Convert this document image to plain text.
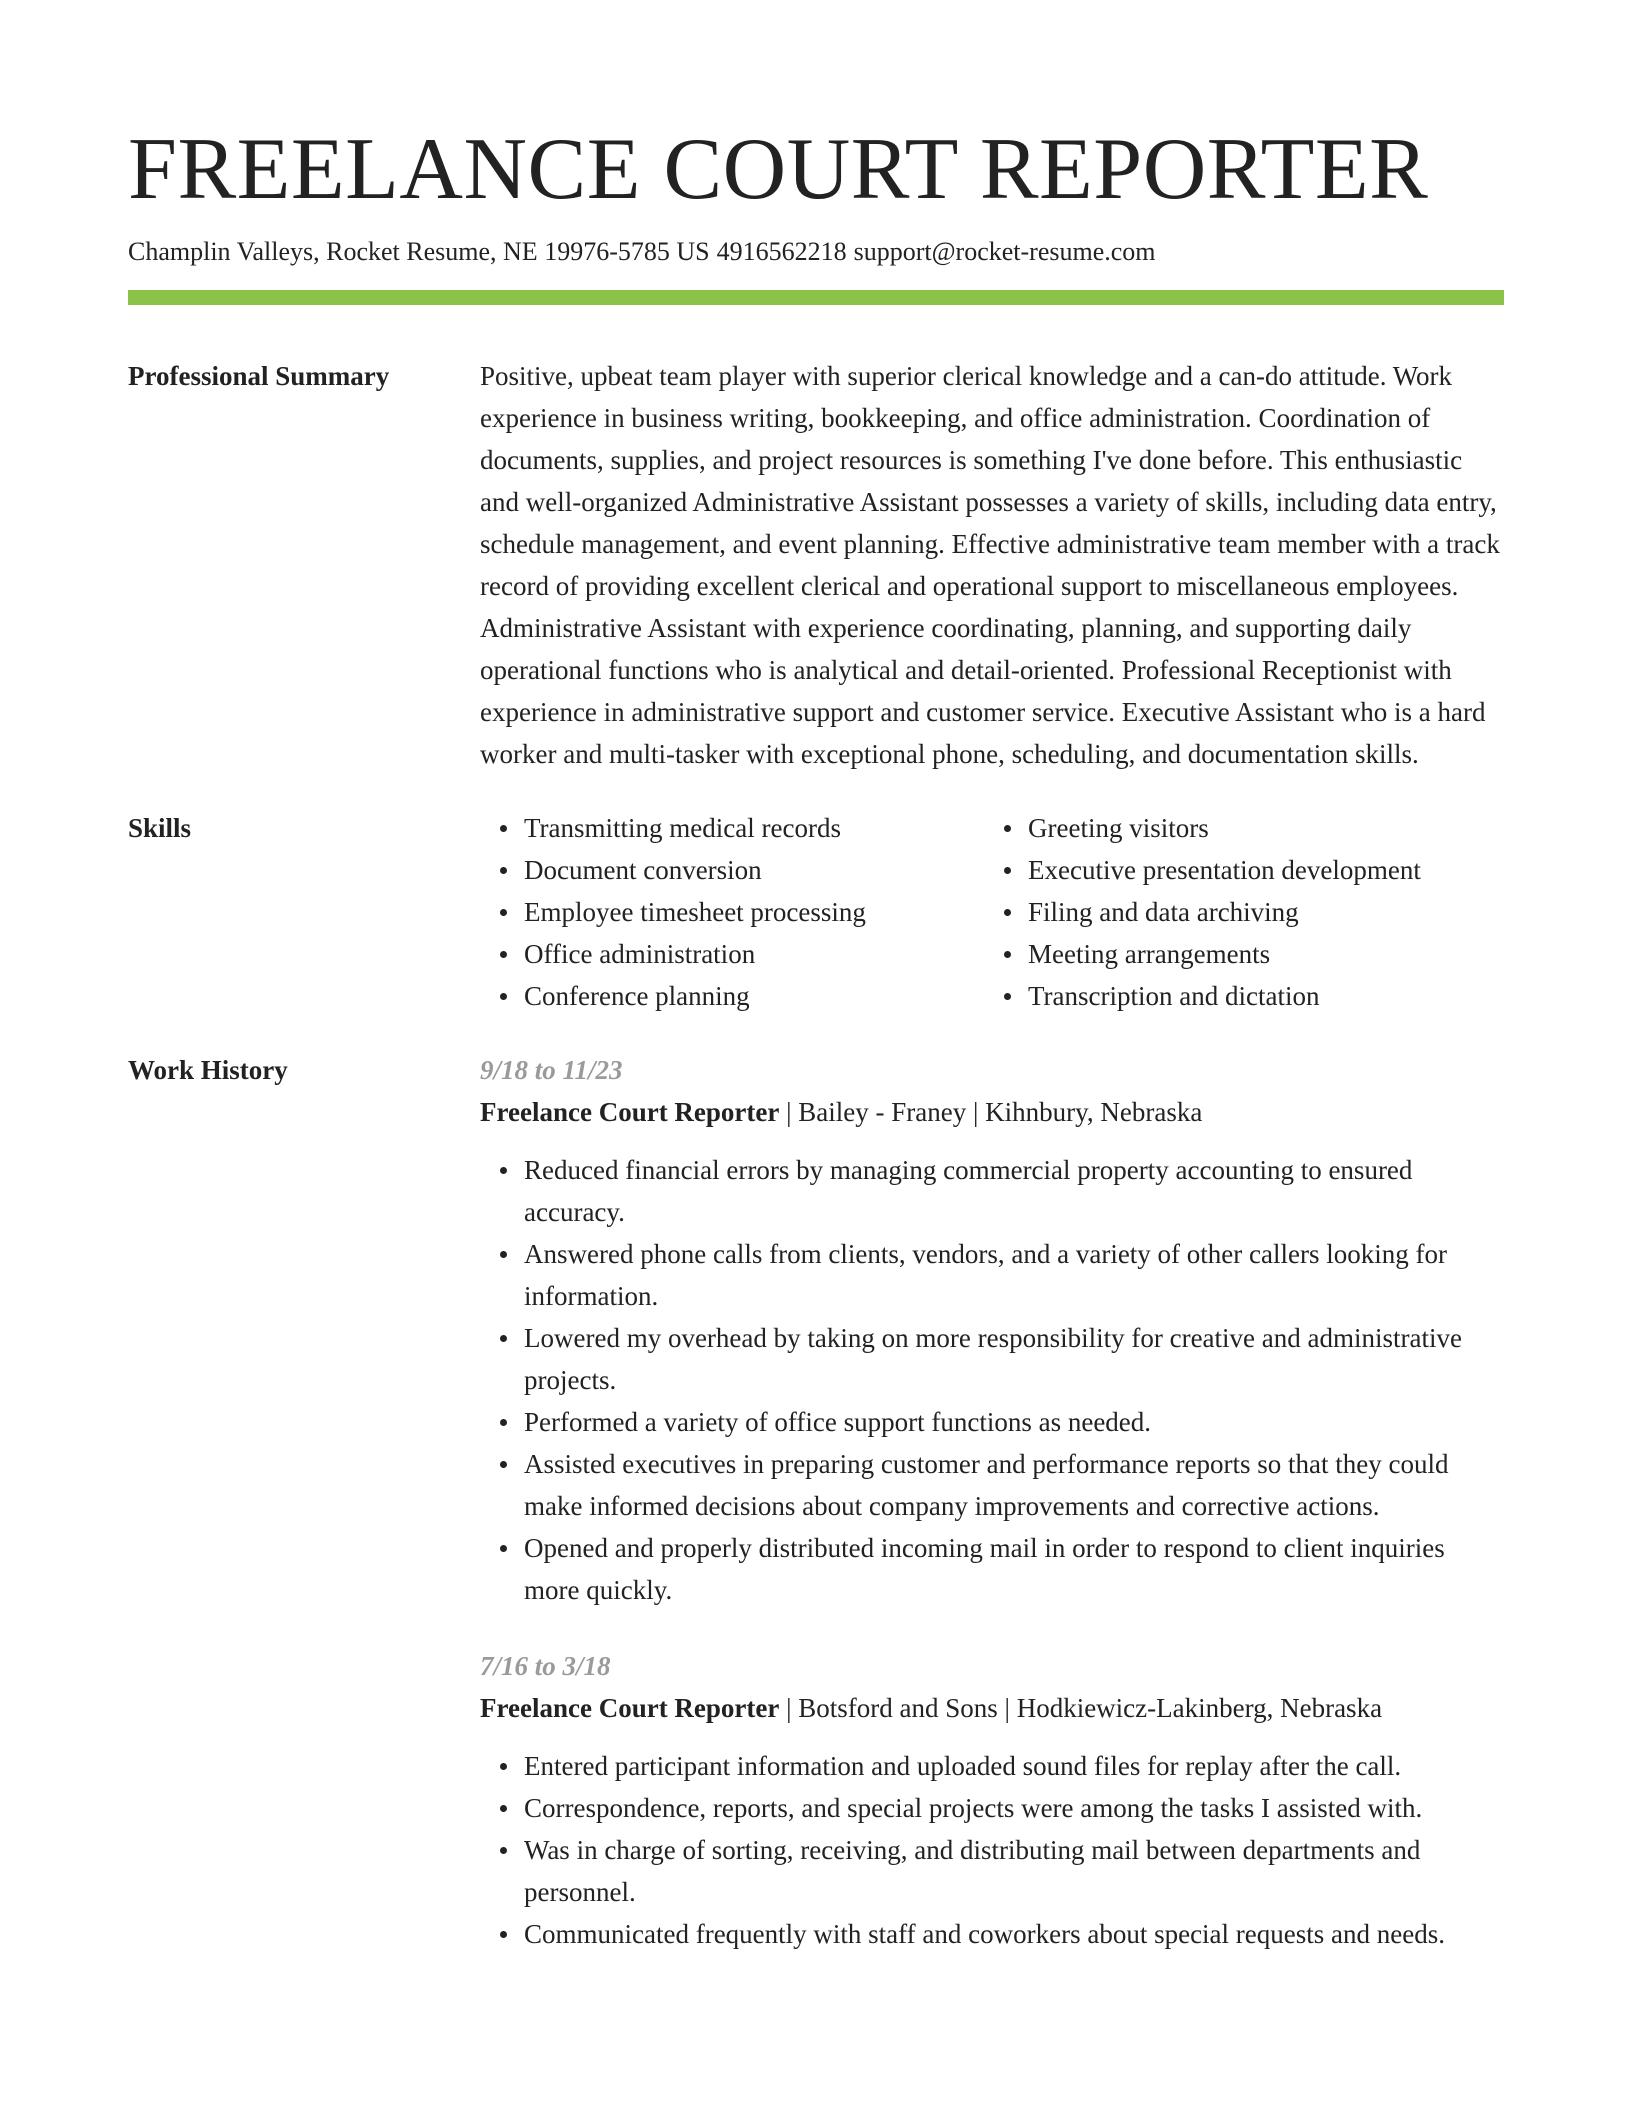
FREELANCE COURT REPORTER
Champlin Valleys, Rocket Resume, NE 19976-5785 US 4916562218 support@rocket-resume.com
Professional Summary	Positive, upbeat team player with superior clerical knowledge and a can-do attitude. Work experience in business writing, bookkeeping, and office administration. Coordination of documents, supplies, and project resources is something I've done before. This enthusiastic and well-organized Administrative Assistant possesses a variety of skills, including data entry, schedule management, and event planning. Effective administrative team member with a track record of providing excellent clerical and operational support to miscellaneous employees. Administrative Assistant with experience coordinating, planning, and supporting daily operational functions who is analytical and detail-oriented. Professional Receptionist with experience in administrative support and customer service. Executive Assistant who is a hard worker and multi-tasker with exceptional phone, scheduling, and documentation skills.

Skills	Transmitting medical records
Document conversion
Employee timesheet processing
Office administration
Conference planning
Greeting visitors
Executive presentation development
Filing and data archiving
Meeting arrangements
Transcription and dictation
Work History	9/18 to 11/23
Freelance Court Reporter | Bailey - Franey | Kihnbury, Nebraska
Reduced financial errors by managing commercial property accounting to ensured accuracy.
Answered phone calls from clients, vendors, and a variety of other callers looking for information.
Lowered my overhead by taking on more responsibility for creative and administrative projects.
Performed a variety of office support functions as needed.
Assisted executives in preparing customer and performance reports so that they could make informed decisions about company improvements and corrective actions.
Opened and properly distributed incoming mail in order to respond to client inquiries more quickly.
7/16 to 3/18
Freelance Court Reporter | Botsford and Sons | Hodkiewicz-Lakinberg, Nebraska
Entered participant information and uploaded sound files for replay after the call.
Correspondence, reports, and special projects were among the tasks I assisted with.
Was in charge of sorting, receiving, and distributing mail between departments and personnel.
Communicated frequently with staff and coworkers about special requests and needs.
